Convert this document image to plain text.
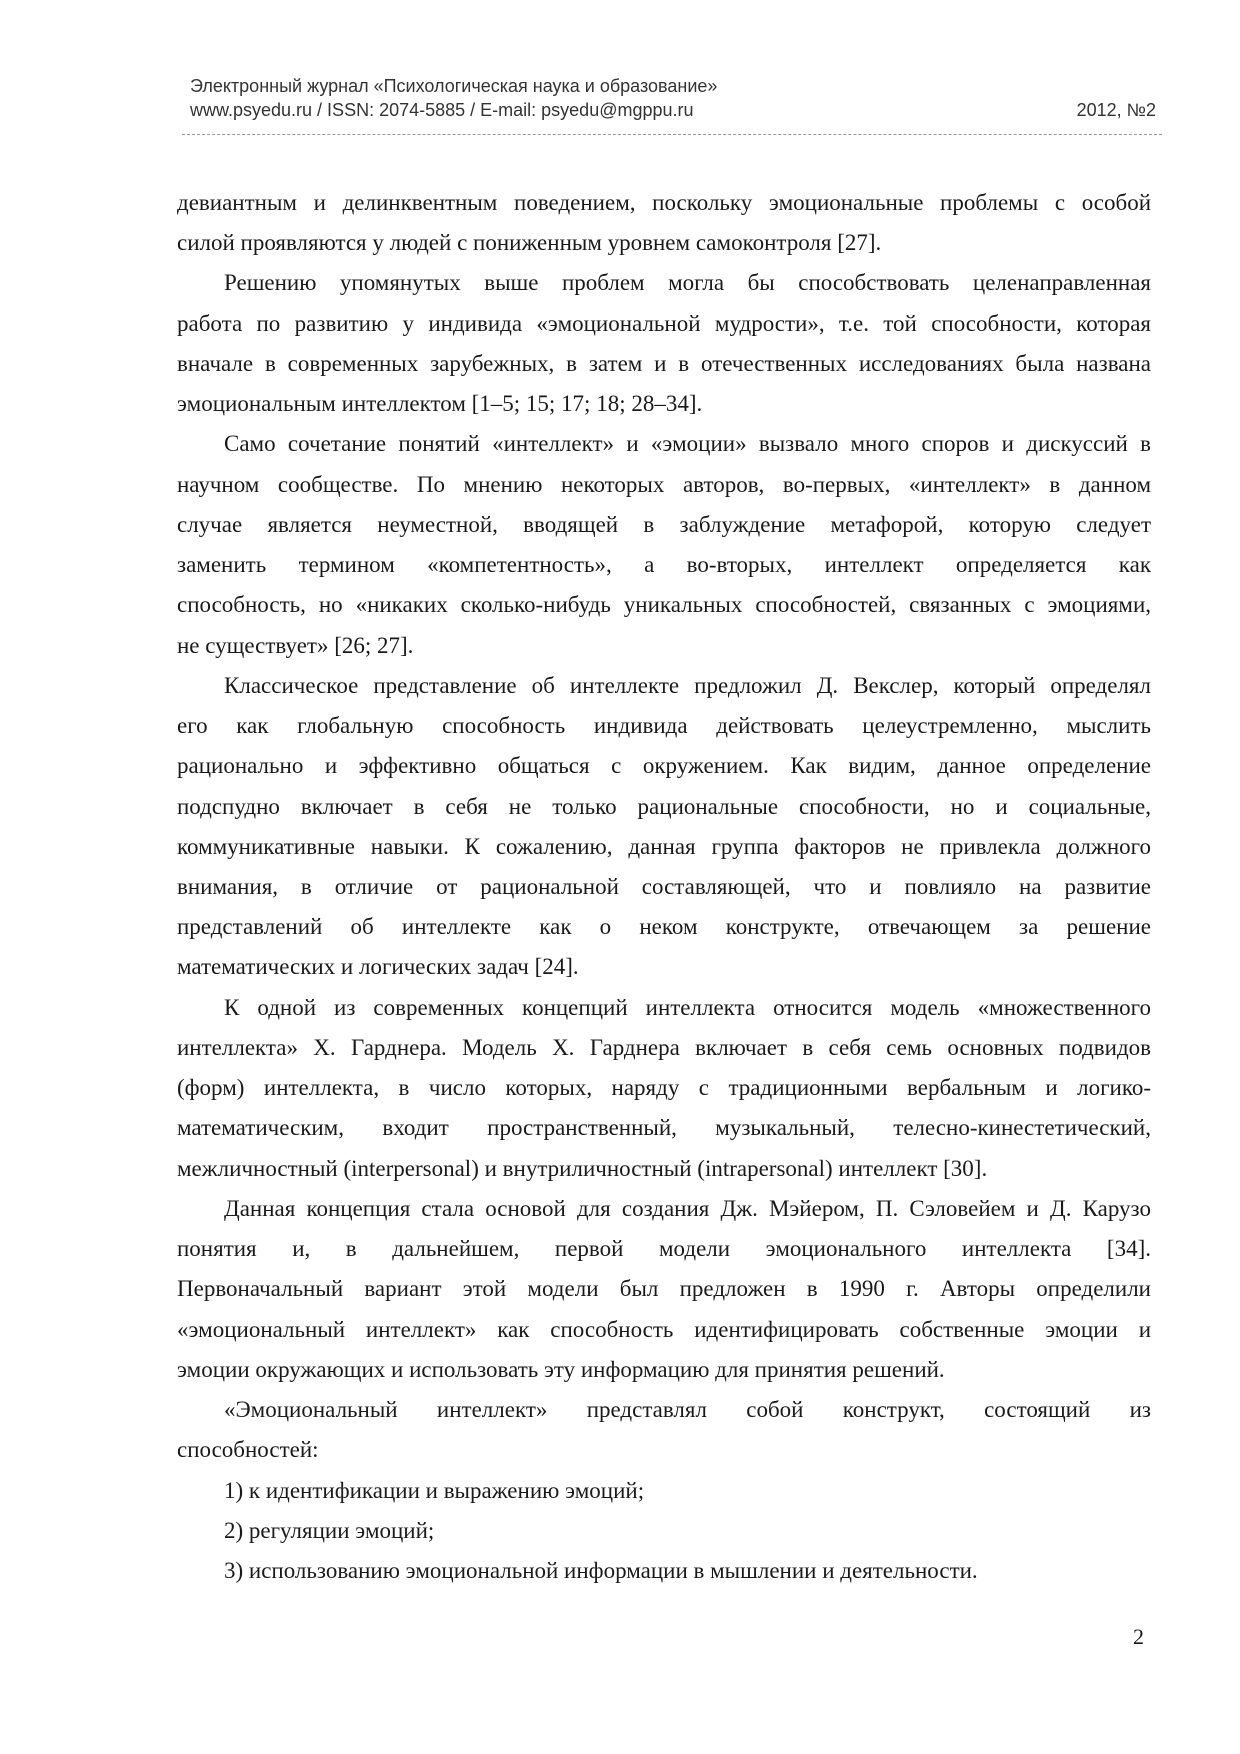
Электронный журнал «Психологическая наука и образование»
www.psyedu.ru / ISSN: 2074-5885 / E-mail: psyedu@mgppu.ru	2012, №2
девиантным и делинквентным поведением, поскольку эмоциональные проблемы с особой
силой проявляются у людей с пониженным уровнем самоконтроля [27].
Решению упомянутых выше проблем могла бы способствовать целенаправленная
работа по развитию у индивида «эмоциональной мудрости», т.е. той способности, которая
вначале в современных зарубежных, в затем и в отечественных исследованиях была названа
эмоциональным интеллектом [1–5; 15; 17; 18; 28–34].
Само сочетание понятий «интеллект» и «эмоции» вызвало много споров и дискуссий в
научном сообществе. По мнению некоторых авторов, во-первых, «интеллект» в данном
случае является неуместной, вводящей в заблуждение метафорой, которую следует
заменить термином «компетентность», а во-вторых, интеллект определяется как
способность, но «никаких сколько-нибудь уникальных способностей, связанных с эмоциями,
не существует» [26; 27].
Классическое представление об интеллекте предложил Д. Векслер, который определял
его как глобальную способность индивида действовать целеустремленно, мыслить
рационально и эффективно общаться с окружением. Как видим, данное определение
подспудно включает в себя не только рациональные способности, но и социальные,
коммуникативные навыки. К сожалению, данная группа факторов не привлекла должного
внимания, в отличие от рациональной составляющей, что и повлияло на развитие
представлений об интеллекте как о неком конструкте, отвечающем за решение
математических и логических задач [24].
К одной из современных концепций интеллекта относится модель «множественного
интеллекта» Х. Гарднера. Модель Х. Гарднера включает в себя семь основных подвидов
(форм) интеллекта, в число которых, наряду с традиционными вербальным и логико-
математическим, входит пространственный, музыкальный, телесно-кинестетический,
межличностный (interpersonal) и внутриличностный (intrapersonal) интеллект [30].
Данная концепция стала основой для создания Дж. Мэйером, П. Сэловейем и Д. Карузо
понятия и, в дальнейшем, первой модели эмоционального интеллекта [34].
Первоначальный вариант этой модели был предложен в 1990 г. Авторы определили
«эмоциональный интеллект» как способность идентифицировать собственные эмоции и
эмоции окружающих и использовать эту информацию для принятия решений.
«Эмоциональный интеллект» представлял собой конструкт, состоящий из
способностей:
1) к идентификации и выражению эмоций;
2) регуляции эмоций;
3) использованию эмоциональной информации в мышлении и деятельности.
2
